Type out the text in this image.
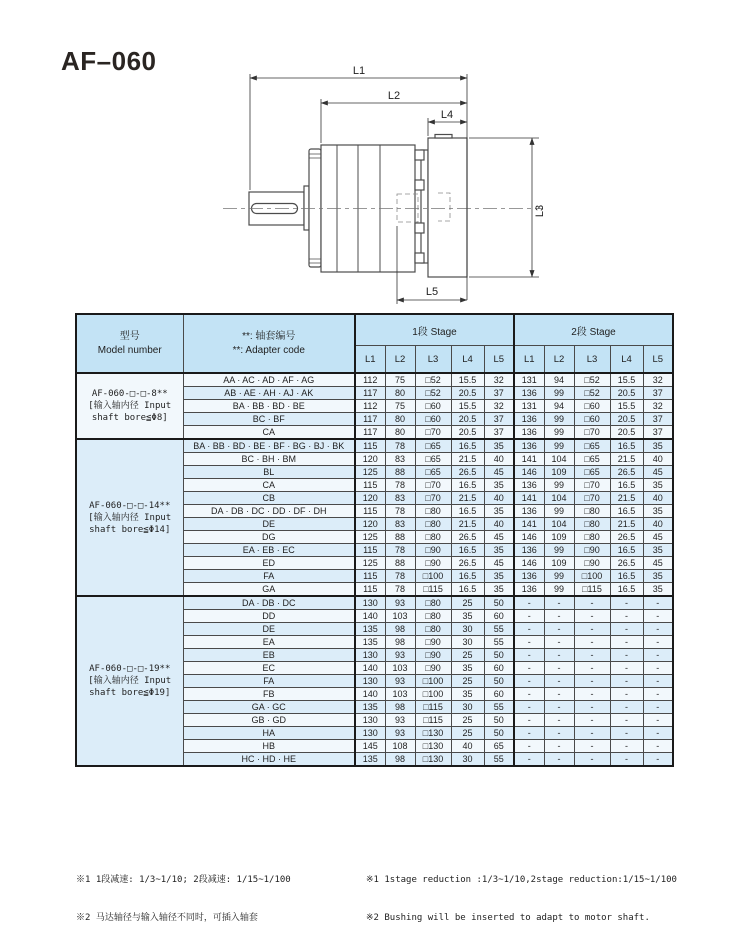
AF–060	L1
L2
L4
L3
L5
型号
Model number

**: 轴套编号
**: Adapter code
	1段 Stage	2段 Stage
		L1	L2	L3	L4	L5	L1	L2	L3	L4	L5

AF-060-□-□-8**
[输入轴内径 Input
shaft bore≦Φ8]	AA · AC · AD · AF · AG	112	75	□52	15.5	32	131	94	□52	15.5	32
	AB · AE · AH · AJ · AK	117	80	□52	20.5	37	136	99	□52	20.5	37
	BA · BB · BD · BE	112	75	□60	15.5	32	131	94	□60	15.5	32
	BC · BF	117	80	□60	20.5	37	136	99	□60	20.5	37
	CA	117	80	□70	20.5	37	136	99	□70	20.5	37

AF-060-□-□-14**
[输入轴内径 Input
shaft bore≦Φ14]	BA · BB · BD · BE · BF · BG · BJ · BK	115	78	□65	16.5	35	136	99	□65	16.5	35
	BC · BH · BM	120	83	□65	21.5	40	141	104	□65	21.5	40
	BL	125	88	□65	26.5	45	146	109	□65	26.5	45
	CA	115	78	□70	16.5	35	136	99	□70	16.5	35
	CB	120	83	□70	21.5	40	141	104	□70	21.5	40
	DA · DB · DC · DD · DF · DH	115	78	□80	16.5	35	136	99	□80	16.5	35
	DE	120	83	□80	21.5	40	141	104	□80	21.5	40
	DG	125	88	□80	26.5	45	146	109	□80	26.5	45
	EA · EB · EC	115	78	□90	16.5	35	136	99	□90	16.5	35
	ED	125	88	□90	26.5	45	146	109	□90	26.5	45
	FA	115	78	□100	16.5	35	136	99	□100	16.5	35
	GA	115	78	□115	16.5	35	136	99	□115	16.5	35

AF-060-□-□-19**
[输入轴内径 Input
shaft bore≦Φ19]	DA · DB · DC	130	93	□80	25	50	-	-	-	-	-
	DD	140	103	□80	35	60	-	-	-	-	-
	DE	135	98	□80	30	55	-	-	-	-	-
	EA	135	98	□90	30	55	-	-	-	-	-
	EB	130	93	□90	25	50	-	-	-	-	-
	EC	140	103	□90	35	60	-	-	-	-	-
	FA	130	93	□100	25	50	-	-	-	-	-
	FB	140	103	□100	35	60	-	-	-	-	-
	GA · GC	135	98	□115	30	55	-	-	-	-	-
	GB · GD	130	93	□115	25	50	-	-	-	-	-
	HA	130	93	□130	25	50	-	-	-	-	-
	HB	145	108	□130	40	65	-	-	-	-	-
	HC · HD · HE	135	98	□130	30	55	-	-	-	-	-

※1 1段减速: 1/3~1/10; 2段减速: 1/15~1/100

※2 马达轴径与输入轴径不同时，可插入轴套

※1 1stage reduction :1/3~1/10,2stage reduction:1/15~1/100

※2 Bushing will be inserted to adapt to motor shaft.
